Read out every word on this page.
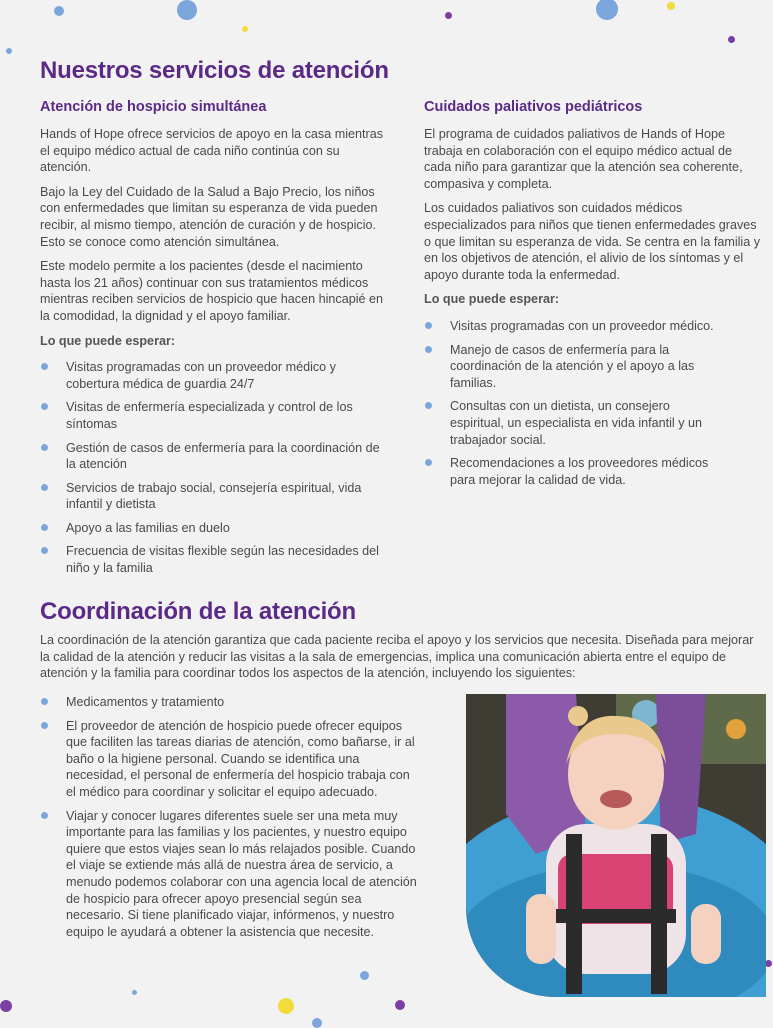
Nuestros servicios de atención
Atención de hospicio simultánea

Hands of Hope ofrece servicios de apoyo en la casa mientras el equipo médico actual de cada niño continúa con su atención.

Bajo la Ley del Cuidado de la Salud a Bajo Precio, los niños con enfermedades que limitan su esperanza de vida pueden recibir, al mismo tiempo, atención de curación y de hospicio. Esto se conoce como atención simultánea.

Este modelo permite a los pacientes (desde el nacimiento hasta los 21 años) continuar con sus tratamientos médicos mientras reciben servicios de hospicio que hacen hincapié en la comodidad, la dignidad y el apoyo familiar.

Lo que puede esperar:
Visitas programadas con un proveedor médico y cobertura médica de guardia 24/7
Visitas de enfermería especializada y control de los síntomas
Gestión de casos de enfermería para la coordinación de la atención
Servicios de trabajo social, consejería espiritual, vida infantil y dietista
Apoyo a las familias en duelo
Frecuencia de visitas flexible según las necesidades del niño y la familia
Cuidados paliativos pediátricos

El programa de cuidados paliativos de Hands of Hope trabaja en colaboración con el equipo médico actual de cada niño para garantizar que la atención sea coherente, compasiva y completa.

Los cuidados paliativos son cuidados médicos especializados para niños que tienen enfermedades graves o que limitan su esperanza de vida. Se centra en la familia y en los objetivos de atención, el alivio de los síntomas y el apoyo durante toda la enfermedad.

Lo que puede esperar:
Visitas programadas con un proveedor médico.
Manejo de casos de enfermería para la coordinación de la atención y el apoyo a las familias.
Consultas con un dietista, un consejero espiritual, un especialista en vida infantil y un trabajador social.
Recomendaciones a los proveedores médicos para mejorar la calidad de vida.
Coordinación de la atención

La coordinación de la atención garantiza que cada paciente reciba el apoyo y los servicios que necesita. Diseñada para mejorar la calidad de la atención y reducir las visitas a la sala de emergencias, implica una comunicación abierta entre el equipo de atención y la familia para coordinar todos los aspectos de la atención, incluyendo los siguientes:

Medicamentos y tratamiento
El proveedor de atención de hospicio puede ofrecer equipos que faciliten las tareas diarias de atención, como bañarse, ir al baño o la higiene personal. Cuando se identifica una necesidad, el personal de enfermería del hospicio trabaja con el médico para coordinar y solicitar el equipo adecuado.
Viajar y conocer lugares diferentes suele ser una meta muy importante para las familias y los pacientes, y nuestro equipo quiere que estos viajes sean lo más relajados posible. Cuando el viaje se extiende más allá de nuestra área de servicio, a menudo podemos colaborar con una agencia local de atención de hospicio para ofrecer apoyo presencial según sea necesario. Si tiene planificado viajar, infórmenos, y nuestro equipo le ayudará a obtener la asistencia que necesite.
